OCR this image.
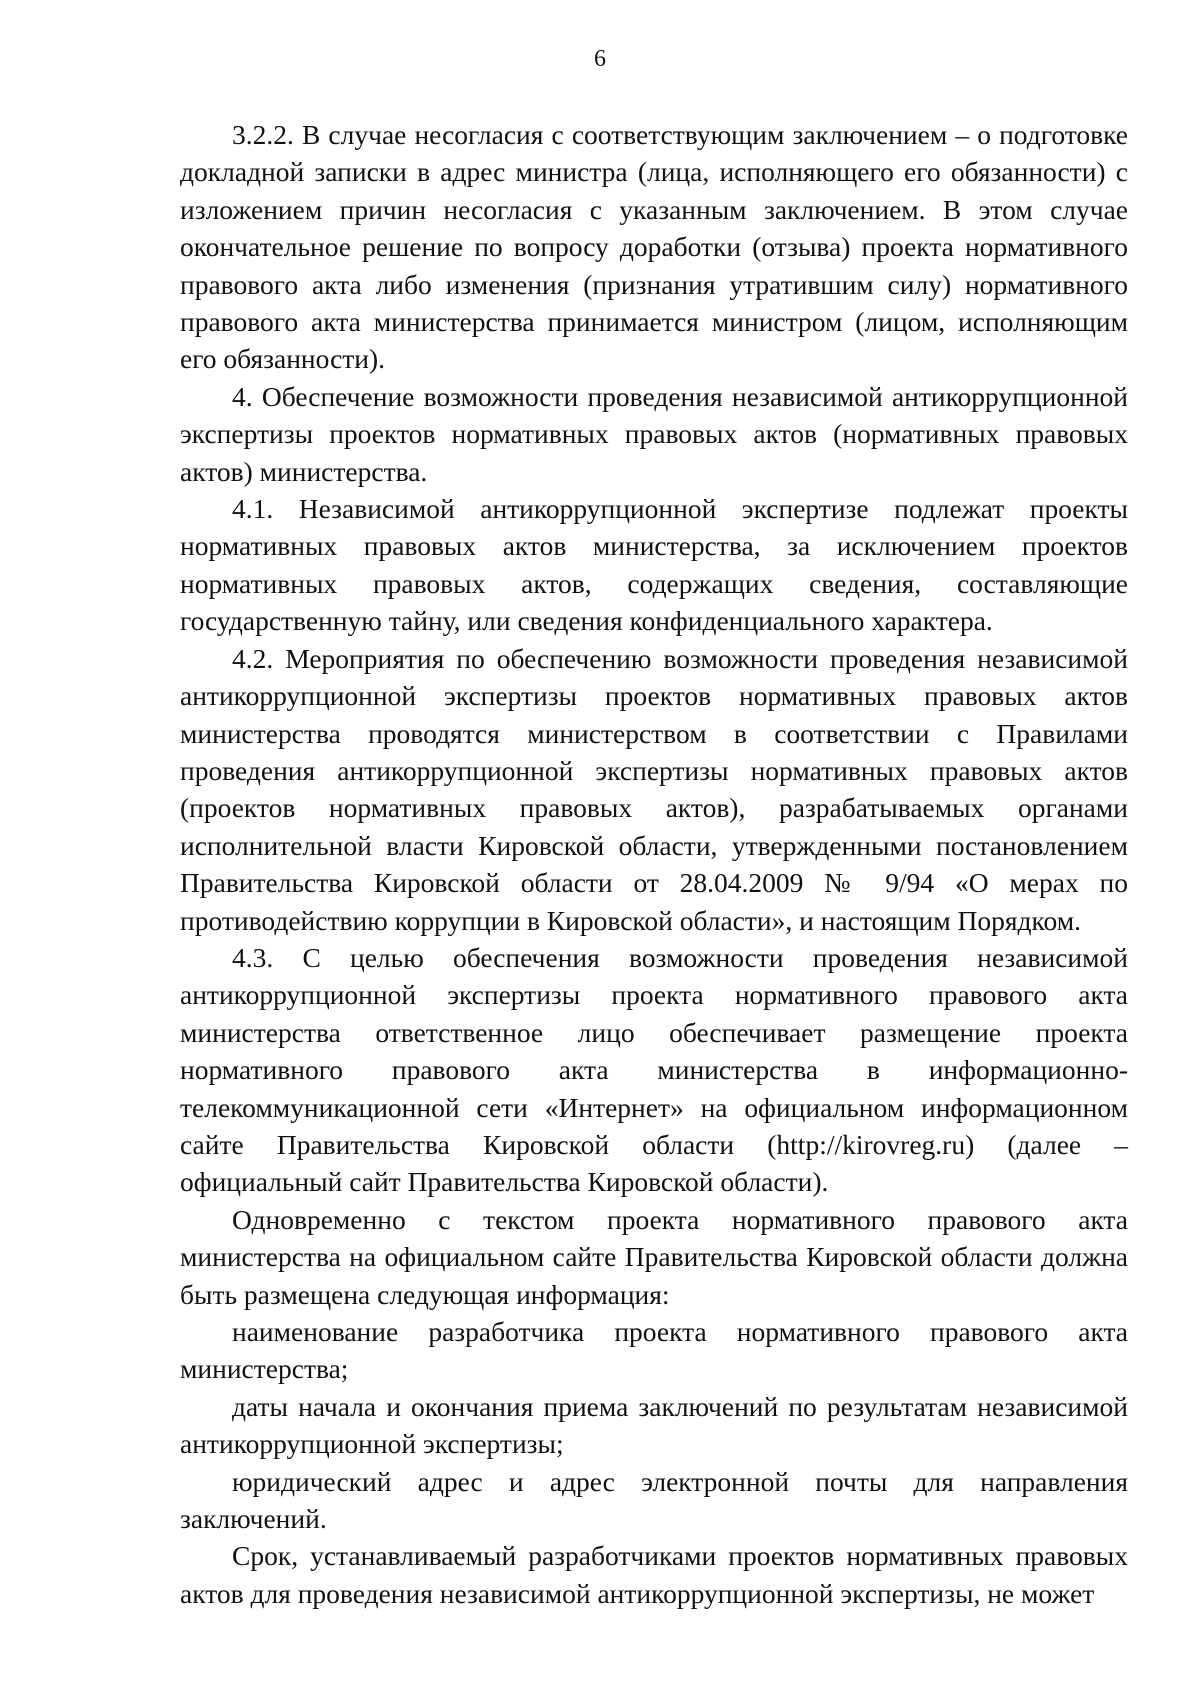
6

3.2.2. В случае несогласия с соответствующим заключением – о подготовке докладной записки в адрес министра (лица, исполняющего его обязанности) с изложением причин несогласия с указанным заключением. В этом случае окончательное решение по вопросу доработки (отзыва) проекта нормативного правового акта либо изменения (признания утратившим силу) нормативного правового акта министерства принимается министром (лицом, исполняющим его обязанности).

4. Обеспечение возможности проведения независимой антикоррупционной экспертизы проектов нормативных правовых актов (нормативных правовых актов) министерства.

4.1. Независимой антикоррупционной экспертизе подлежат проекты нормативных правовых актов министерства, за исключением проектов нормативных правовых актов, содержащих сведения, составляющие государственную тайну, или сведения конфиденциального характера.

4.2. Мероприятия по обеспечению возможности проведения независимой антикоррупционной экспертизы проектов нормативных правовых актов министерства проводятся министерством в соответствии с Правилами проведения антикоррупционной экспертизы нормативных правовых актов (проектов нормативных правовых актов), разрабатываемых органами исполнительной власти Кировской области, утвержденными постановлением Правительства Кировской области от 28.04.2009 № 9/94 «О мерах по противодействию коррупции в Кировской области», и настоящим Порядком.

4.3. С целью обеспечения возможности проведения независимой антикоррупционной экспертизы проекта нормативного правового акта министерства ответственное лицо обеспечивает размещение проекта нормативного правового акта министерства в информационно-телекоммуникационной сети «Интернет» на официальном информационном сайте Правительства Кировской области (http://kirovreg.ru) (далее – официальный сайт Правительства Кировской области).

Одновременно с текстом проекта нормативного правового акта министерства на официальном сайте Правительства Кировской области должна быть размещена следующая информация:

наименование разработчика проекта нормативного правового акта министерства;

даты начала и окончания приема заключений по результатам независимой антикоррупционной экспертизы;

юридический адрес и адрес электронной почты для направления заключений.

Срок, устанавливаемый разработчиками проектов нормативных правовых актов для проведения независимой антикоррупционной экспертизы, не может
